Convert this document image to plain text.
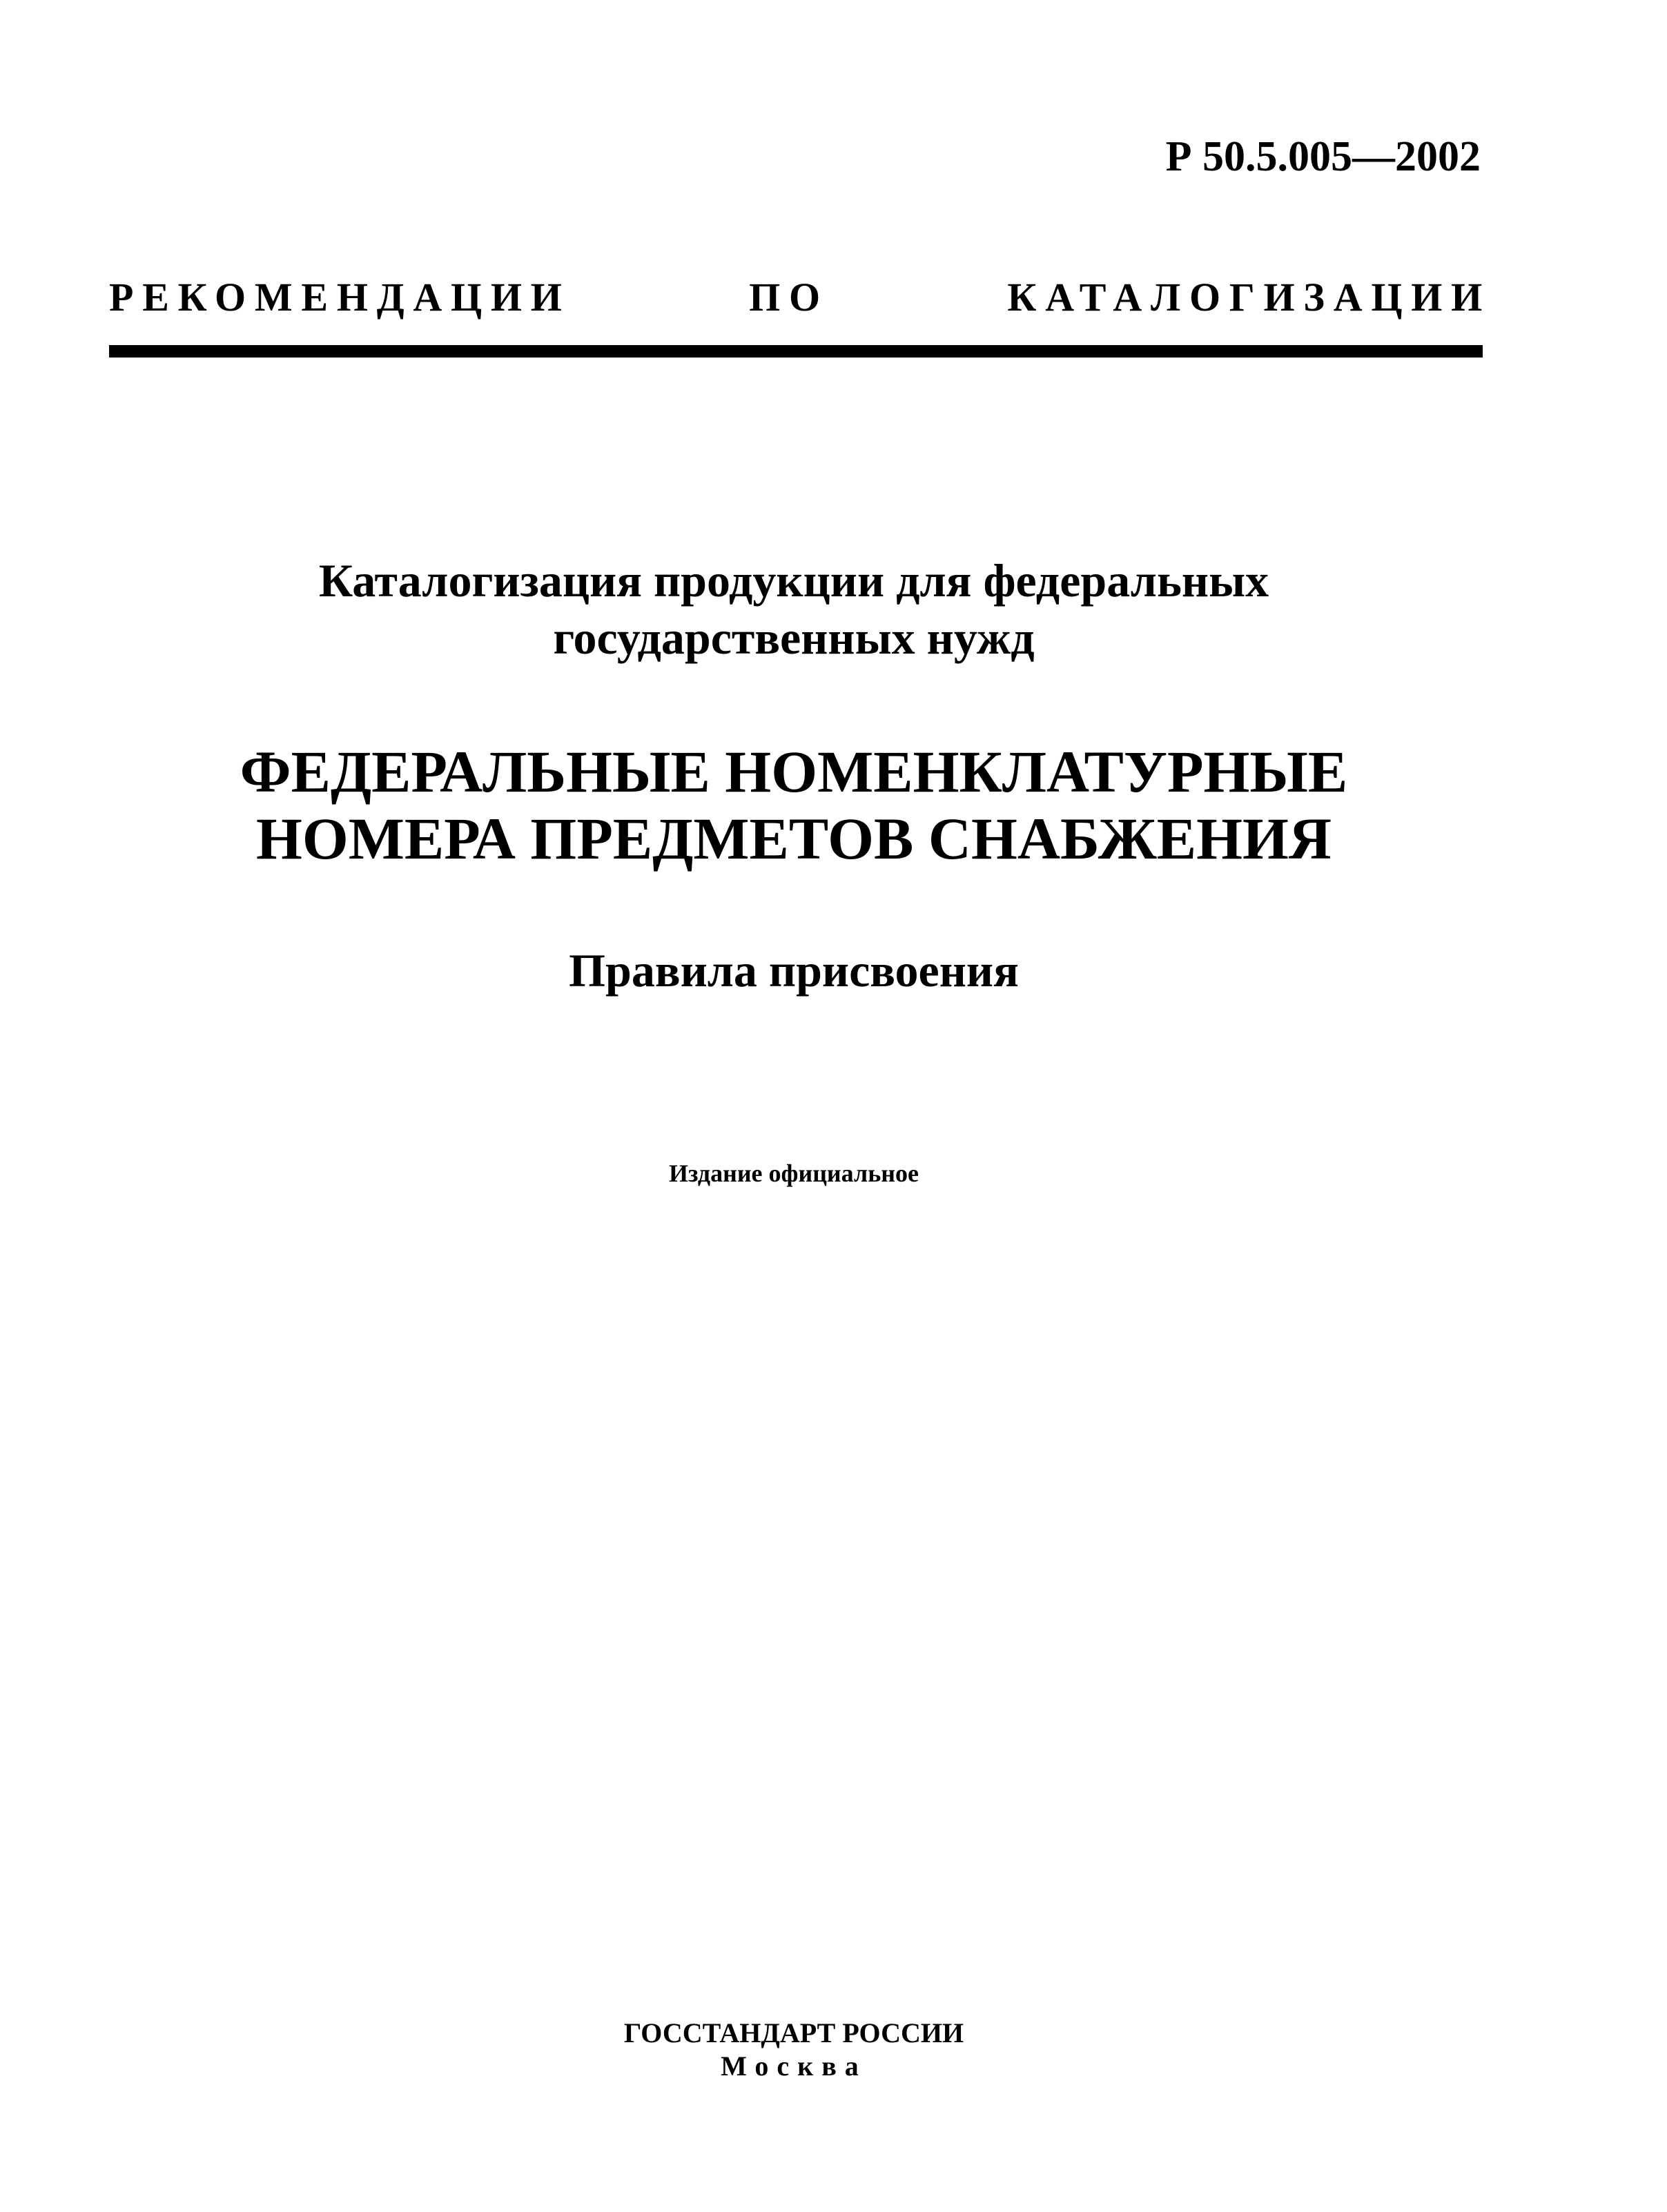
Р 50.5.005—2002
РЕКОМЕНДАЦИИ ПО КАТАЛОГИЗАЦИИ
Каталогизация продукции для федеральных
государственных нужд
ФЕДЕРАЛЬНЫЕ НОМЕНКЛАТУРНЫЕ
НОМЕРА ПРЕДМЕТОВ СНАБЖЕНИЯ
Правила присвоения
Издание официальное
ГОССТАНДАРТ РОССИИ
Москва
